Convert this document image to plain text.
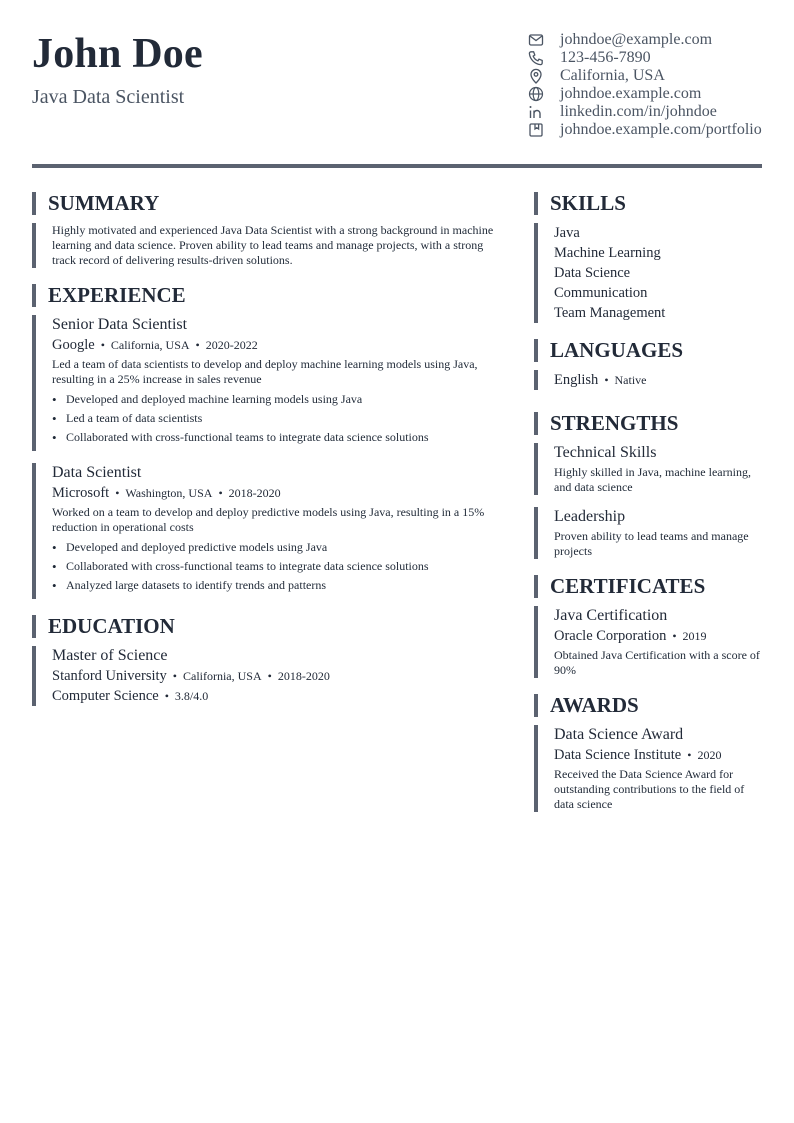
John Doe
Java Data Scientist
johndoe@example.com
123-456-7890
California, USA
johndoe.example.com
linkedin.com/in/johndoe
johndoe.example.com/portfolio
SUMMARY
Highly motivated and experienced Java Data Scientist with a strong background in machine learning and data science. Proven ability to lead teams and manage projects, with a strong track record of delivering results-driven solutions.
EXPERIENCE
Senior Data Scientist
Google • California, USA • 2020-2022
Led a team of data scientists to develop and deploy machine learning models using Java, resulting in a 25% increase in sales revenue
• Developed and deployed machine learning models using Java
• Led a team of data scientists
• Collaborated with cross-functional teams to integrate data science solutions
Data Scientist
Microsoft • Washington, USA • 2018-2020
Worked on a team to develop and deploy predictive models using Java, resulting in a 15% reduction in operational costs
• Developed and deployed predictive models using Java
• Collaborated with cross-functional teams to integrate data science solutions
• Analyzed large datasets to identify trends and patterns
EDUCATION
Master of Science
Stanford University • California, USA • 2018-2020
Computer Science • 3.8/4.0
SKILLS
Java
Machine Learning
Data Science
Communication
Team Management
LANGUAGES
English • Native
STRENGTHS
Technical Skills
Highly skilled in Java, machine learning, and data science
Leadership
Proven ability to lead teams and manage projects
CERTIFICATES
Java Certification
Oracle Corporation • 2019
Obtained Java Certification with a score of 90%
AWARDS
Data Science Award
Data Science Institute • 2020
Received the Data Science Award for outstanding contributions to the field of data science
